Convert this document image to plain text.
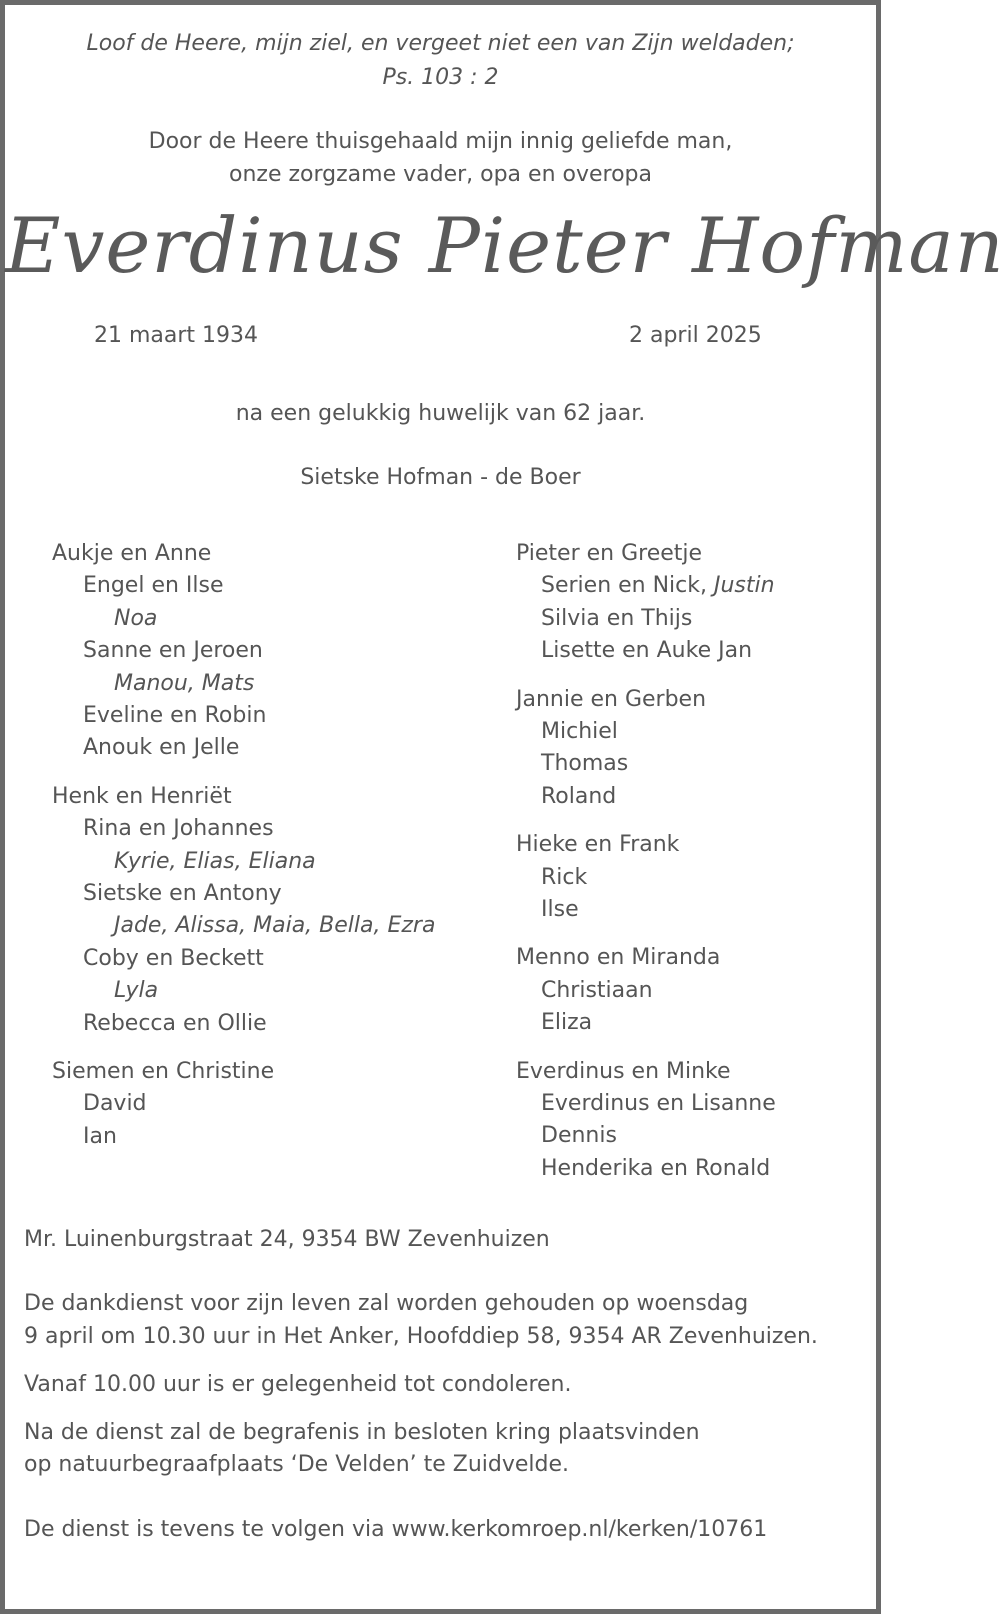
Loof de Heere, mijn ziel, en vergeet niet een van Zijn weldaden;
Ps. 103 : 2
Door de Heere thuisgehaald mijn innig geliefde man,
onze zorgzame vader, opa en overopa
Everdinus Pieter Hofman
21 maart 1934	2 april 2025
na een gelukkig huwelijk van 62 jaar.
Sietske Hofman - de Boer
Aukje en Anne
Engel en Ilse
Noa
Sanne en Jeroen
Manou, Mats
Eveline en Robin
Anouk en Jelle
Henk en Henriët
Rina en Johannes
Kyrie, Elias, Eliana
Sietske en Antony
Jade, Alissa, Maia, Bella, Ezra
Coby en Beckett
Lyla
Rebecca en Ollie
Siemen en Christine
David
Ian
Pieter en Greetje
Serien en Nick, Justin
Silvia en Thijs
Lisette en Auke Jan
Jannie en Gerben
Michiel
Thomas
Roland
Hieke en Frank
Rick
Ilse
Menno en Miranda
Christiaan
Eliza
Everdinus en Minke
Everdinus en Lisanne
Dennis
Henderika en Ronald
Mr. Luinenburgstraat 24, 9354 BW Zevenhuizen
De dankdienst voor zijn leven zal worden gehouden op woensdag
9 april om 10.30 uur in Het Anker, Hoofddiep 58, 9354 AR Zevenhuizen.
Vanaf 10.00 uur is er gelegenheid tot condoleren.
Na de dienst zal de begrafenis in besloten kring plaatsvinden
op natuurbegraafplaats ‘De Velden’ te Zuidvelde.
De dienst is tevens te volgen via www.kerkomroep.nl/kerken/10761
